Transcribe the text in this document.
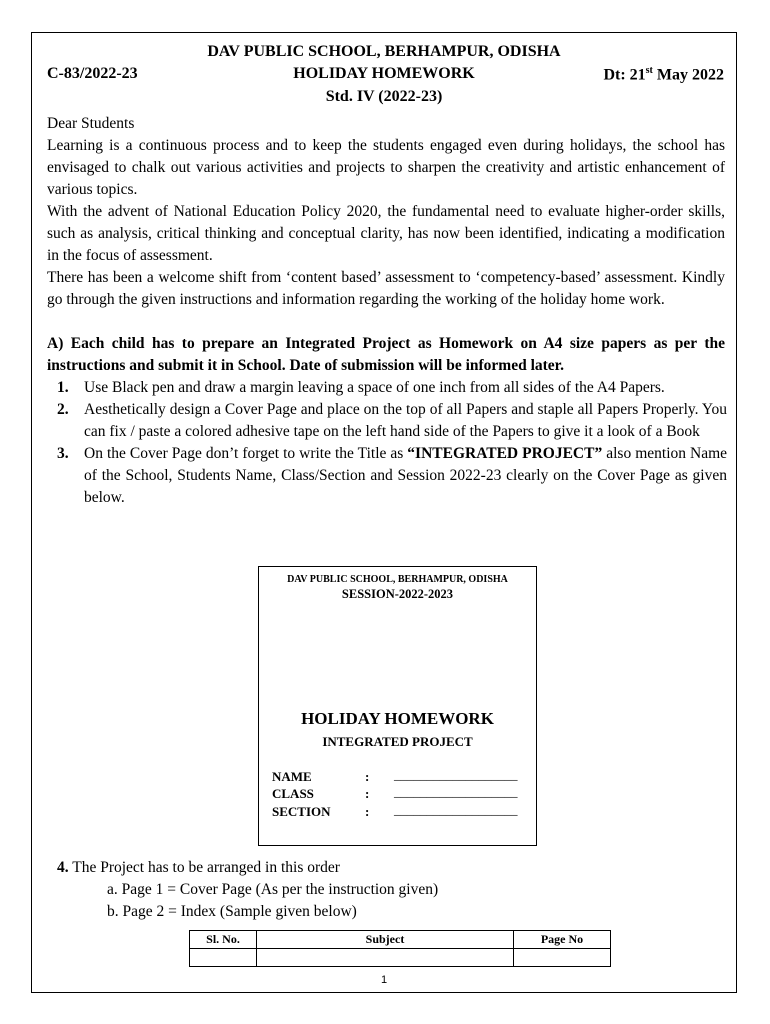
DAV PUBLIC SCHOOL, BERHAMPUR, ODISHA
C-83/2022-23	HOLIDAY HOMEWORK	Dt: 21st May 2022
Std. IV (2022-23)
Dear Students
Learning is a continuous process and to keep the students engaged even during holidays, the school has envisaged to chalk out various activities and projects to sharpen the creativity and artistic enhancement of various topics.
With the advent of National Education Policy 2020, the fundamental need to evaluate higher-order skills, such as analysis, critical thinking and conceptual clarity, has now been identified, indicating a modification in the focus of assessment.
There has been a welcome shift from ‘content based’ assessment to ‘competency-based’ assessment. Kindly go through the given instructions and information regarding the working of the holiday home work.
A) Each child has to prepare an Integrated Project as Homework on A4 size papers as per the instructions and submit it in School. Date of submission will be informed later.
1. Use Black pen and draw a margin leaving a space of one inch from all sides of the A4 Papers.
2. Aesthetically design a Cover Page and place on the top of all Papers and staple all Papers Properly. You can fix / paste a colored adhesive tape on the left hand side of the Papers to give it a look of a Book
3. On the Cover Page don’t forget to write the Title as “INTEGRATED PROJECT” also mention Name of the School, Students Name, Class/Section and Session 2022-23 clearly on the Cover Page as given below.
DAV PUBLIC SCHOOL, BERHAMPUR, ODISHA
SESSION-2022-2023
HOLIDAY HOMEWORK
INTEGRATED PROJECT
NAME	: ___________________
CLASS	: ___________________
SECTION	: ___________________
4. The Project has to be arranged in this order
a. Page 1 = Cover Page (As per the instruction given)
b. Page 2 = Index (Sample given below)
Sl. No.	Subject	Page No

1
